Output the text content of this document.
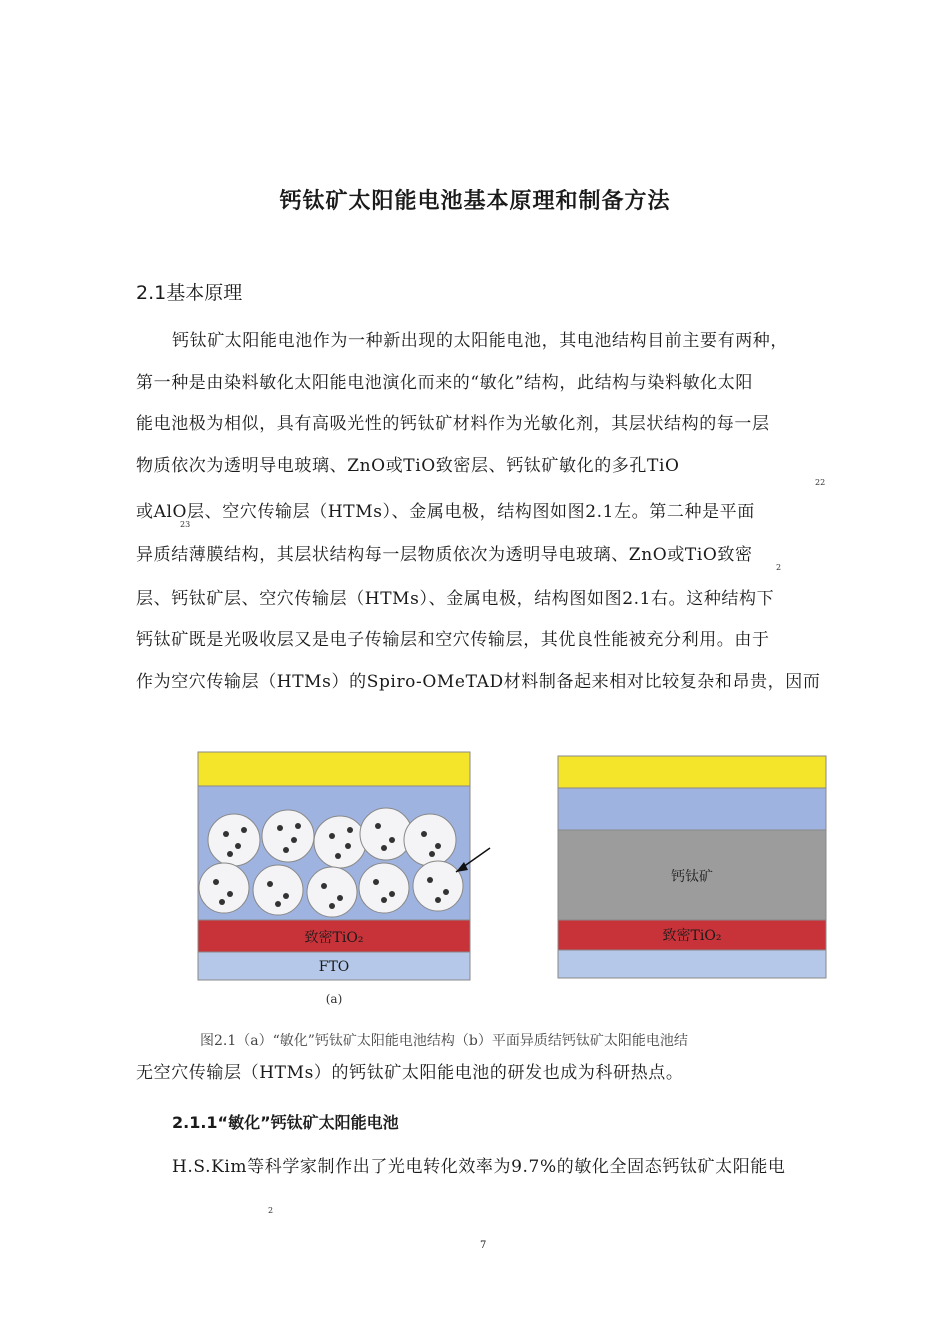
钙钛矿太阳能电池基本原理和制备方法
2.1基本原理
钙钛矿太阳能电池作为一种新出现的太阳能电池，其电池结构目前主要有两种，
第一种是由染料敏化太阳能电池演化而来的“敏化”结构，此结构与染料敏化太阳
能电池极为相似，具有高吸光性的钙钛矿材料作为光敏化剂，其层状结构的每一层
物质依次为透明导电玻璃、ZnO或TiO致密层、钙钛矿敏化的多孔TiO
22
或AlO层、空穴传输层（HTMs）、金属电极，结构图如图2.1左。第二种是平面
23
异质结薄膜结构，其层状结构每一层物质依次为透明导电玻璃、ZnO或TiO致密
2
层、钙钛矿层、空穴传输层（HTMs）、金属电极，结构图如图2.1右。这种结构下
钙钛矿既是光吸收层又是电子传输层和空穴传输层，其优良性能被充分利用。由于
作为空穴传输层（HTMs）的Spiro-OMeTAD材料制备起来相对比较复杂和昂贵，因而
致密TiO₂
FTO
(a)
钙钛矿
致密TiO₂
图2.1（a）“敏化”钙钛矿太阳能电池结构（b）平面异质结钙钛矿太阳能电池结
无空穴传输层（HTMs）的钙钛矿太阳能电池的研发也成为科研热点。
2.1.1“敏化”钙钛矿太阳能电池
H.S.Kim等科学家制作出了光电转化效率为9.7%的敏化全固态钙钛矿太阳能电
2
7
